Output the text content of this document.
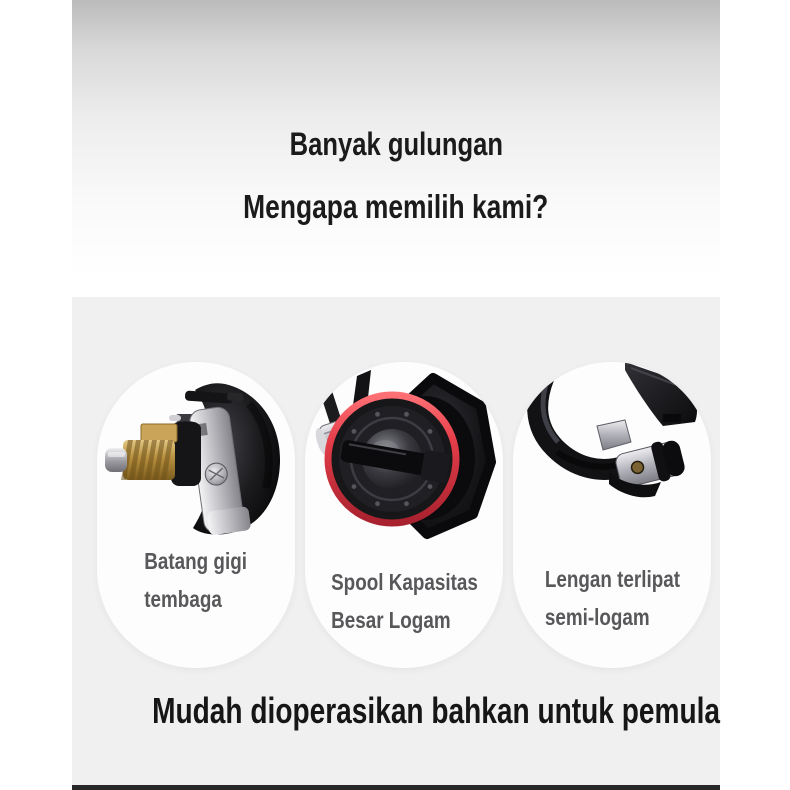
Banyak gulungan
Mengapa memilih kami?
Batang gigi
tembaga
Spool Kapasitas
Besar Logam
Lengan terlipat
semi-logam
Mudah dioperasikan bahkan untuk pemula
